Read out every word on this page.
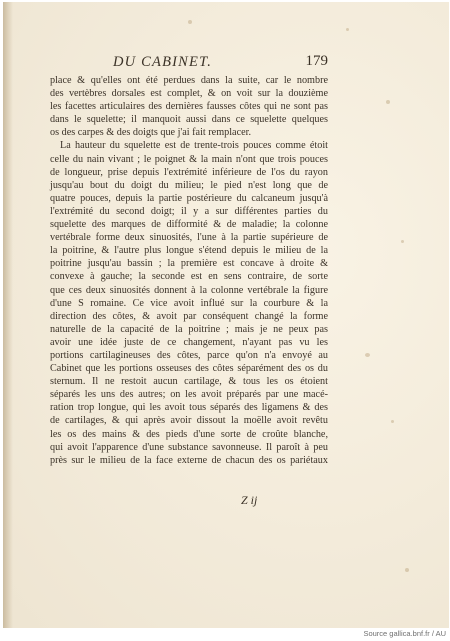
DU CABINET.	179

place & qu'elles ont été perdues dans la suite, car le nombre

des vertèbres dorsales est complet, & on voit sur la douzième

les facettes articulaires des dernières fausses côtes qui ne sont pas

dans le squelette; il manquoit aussi dans ce squelette quelques

os des carpes & des doigts que j'ai fait remplacer.

La hauteur du squelette est de trente-trois pouces comme étoit

celle du nain vivant ; le poignet & la main n'ont que trois pouces

de longueur, prise depuis l'extrémité inférieure de l'os du rayon

jusqu'au bout du doigt du milieu; le pied n'est long que de

quatre pouces, depuis la partie postérieure du calcaneum jusqu'à

l'extrémité du second doigt; il y a sur différentes parties du

squelette des marques de difformité & de maladie; la colonne

vertébrale forme deux sinuosités, l'une à la partie supérieure de

la poitrine, & l'autre plus longue s'étend depuis le milieu de la

poitrine jusqu'au bassin ; la première est concave à droite &

convexe à gauche; la seconde est en sens contraire, de sorte

que ces deux sinuosités donnent à la colonne vertébrale la figure

d'une S romaine. Ce vice avoit influé sur la courbure & la

direction des côtes, & avoit par conséquent changé la forme

naturelle de la capacité de la poitrine ; mais je ne peux pas

avoir une idée juste de ce changement, n'ayant pas vu les

portions cartilagineuses des côtes, parce qu'on n'a envoyé au

Cabinet que les portions osseuses des côtes séparément des os du

sternum. Il ne restoit aucun cartilage, & tous les os étoient

séparés les uns des autres; on les avoit préparés par une macé-

ration trop longue, qui les avoit tous séparés des ligamens & des

de cartilages, & qui après avoir dissout la moëlle avoit revêtu

les os des mains & des pieds d'une sorte de croûte blanche,

qui avoit l'apparence d'une substance savonneuse. Il paroît à peu

près sur le milieu de la face externe de chacun des os pariétaux

Z ij
Source gallica.bnf.fr / AU
